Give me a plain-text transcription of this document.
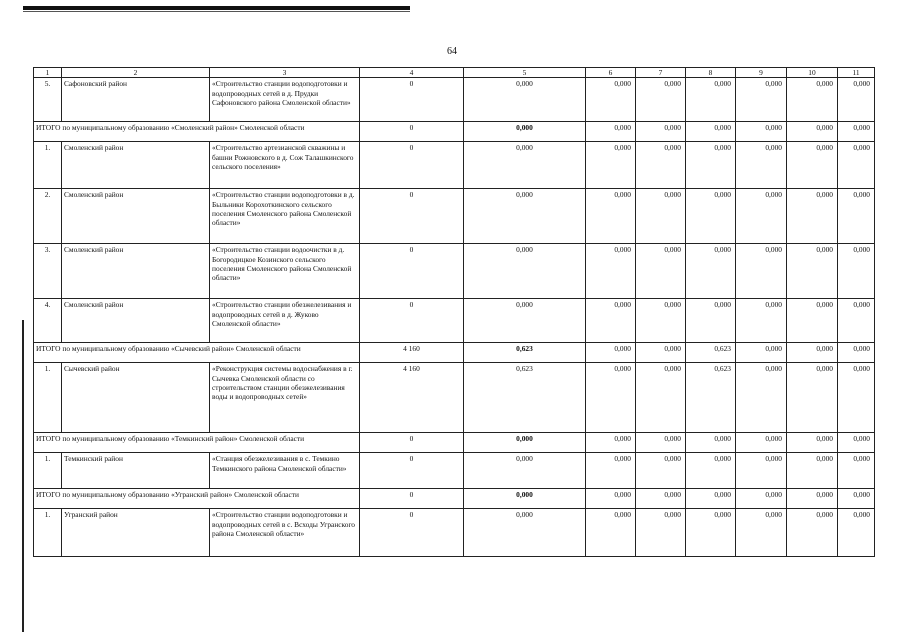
64
1	2	3	4	5	6	7	8	9	10	11
5.	Сафоновский район	«Строительство станции водоподготовки и водопроводных сетей в д. Прудки Сафоновского района Смоленской области»	0	0,000	0,000	0,000	0,000	0,000	0,000	0,000
ИТОГО по муниципальному образованию «Смоленский район» Смоленской области			0	0,000	0,000	0,000	0,000	0,000	0,000	0,000
1.	Смоленский район	«Строительство артезианской скважины и башни Рожновского в д. Сож Талашкинского сельского поселения»	0	0,000	0,000	0,000	0,000	0,000	0,000	0,000
2.	Смоленский район	«Строительство станции водоподготовки в д. Быльники Корохоткинского сельского поселения Смоленского района Смоленской области»	0	0,000	0,000	0,000	0,000	0,000	0,000	0,000
3.	Смоленский район	«Строительство станции водоочистки в д. Богородицкое Козинского сельского поселения Смоленского района Смоленской области»	0	0,000	0,000	0,000	0,000	0,000	0,000	0,000
4.	Смоленский район	«Строительство станции обезжелезивания и водопроводных сетей в д. Жуково Смоленской области»	0	0,000	0,000	0,000	0,000	0,000	0,000	0,000
ИТОГО по муниципальному образованию «Сычевский район» Смоленской области			4 160	0,623	0,000	0,000	0,623	0,000	0,000	0,000
1.	Сычевский район	«Реконструкция системы водоснабжения в г. Сычевка Смоленской области со строительством станции обезжелезивания воды и водопроводных сетей»	4 160	0,623	0,000	0,000	0,623	0,000	0,000	0,000
ИТОГО по муниципальному образованию «Темкинский район» Смоленской области			0	0,000	0,000	0,000	0,000	0,000	0,000	0,000
1.	Темкинский район	«Станция обезжелезивания в с. Темкино Темкинского района Смоленской области»	0	0,000	0,000	0,000	0,000	0,000	0,000	0,000
ИТОГО по муниципальному образованию «Угранский район» Смоленской области			0	0,000	0,000	0,000	0,000	0,000	0,000	0,000
1.	Угранский район	«Строительство станции водоподготовки и водопроводных сетей в с. Всходы Угранского района Смоленской области»	0	0,000	0,000	0,000	0,000	0,000	0,000	0,000
